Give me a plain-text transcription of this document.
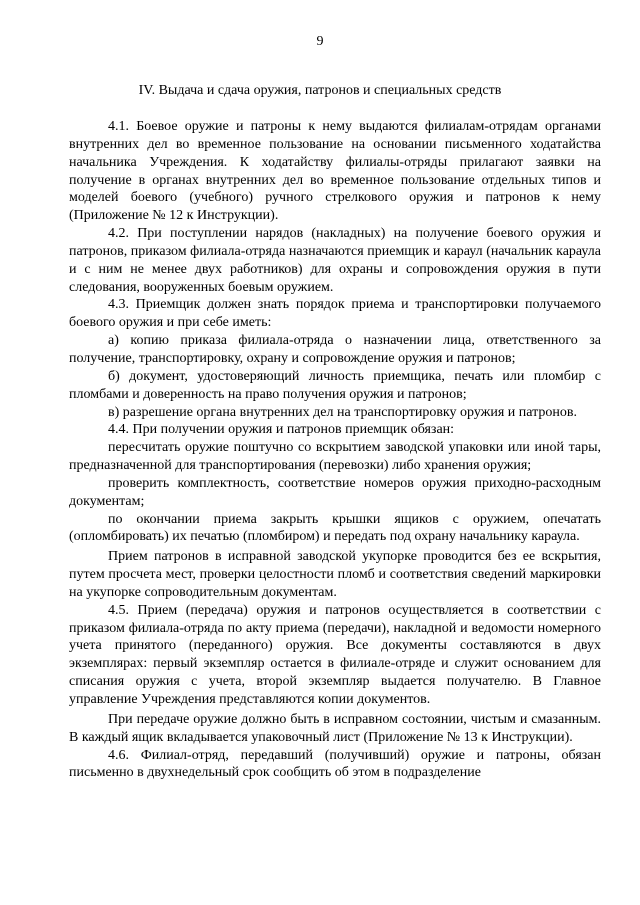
9
IV. Выдача и сдача оружия, патронов и специальных средств

4.1. Боевое оружие и патроны к нему выдаются филиалам-отрядам органами внутренних дел во временное пользование на основании письменного ходатайства начальника Учреждения. К ходатайству филиалы-отряды прилагают заявки на получение в органах внутренних дел во временное пользование отдельных типов и моделей боевого (учебного) ручного стрелкового оружия и патронов к нему (Приложение № 12 к Инструкции).

4.2. При поступлении нарядов (накладных) на получение боевого оружия и патронов, приказом филиала-отряда назначаются приемщик и караул (начальник караула и с ним не менее двух работников) для охраны и сопровождения оружия в пути следования, вооруженных боевым оружием.

4.3. Приемщик должен знать порядок приема и транспортировки получаемого боевого оружия и при себе иметь:

а) копию приказа филиала-отряда о назначении лица, ответственного за получение, транспортировку, охрану и сопровождение оружия и патронов;

б) документ, удостоверяющий личность приемщика, печать или пломбир с пломбами и доверенность на право получения оружия и патронов;

в) разрешение органа внутренних дел на транспортировку оружия и патронов.

4.4. При получении оружия и патронов приемщик обязан:

пересчитать оружие поштучно со вскрытием заводской упаковки или иной тары, предназначенной для транспортирования (перевозки) либо хранения оружия;

проверить комплектность, соответствие номеров оружия приходно-расходным документам;

по окончании приема закрыть крышки ящиков с оружием, опечатать (опломбировать) их печатью (пломбиром) и передать под охрану начальнику караула.

Прием патронов в исправной заводской укупорке проводится без ее вскрытия, путем просчета мест, проверки целостности пломб и соответствия сведений маркировки на укупорке сопроводительным документам.

4.5. Прием (передача) оружия и патронов осуществляется в соответствии с приказом филиала-отряда по акту приема (передачи), накладной и ведомости номерного учета принятого (переданного) оружия. Все документы составляются в двух экземплярах: первый экземпляр остается в филиале-отряде и служит основанием для списания оружия с учета, второй экземпляр выдается получателю. В Главное управление Учреждения представляются копии документов.

При передаче оружие должно быть в исправном состоянии, чистым и смазанным. В каждый ящик вкладывается упаковочный лист (Приложение № 13 к Инструкции).

4.6. Филиал-отряд, передавший (получивший) оружие и патроны, обязан письменно в двухнедельный срок сообщить об этом в подразделение
